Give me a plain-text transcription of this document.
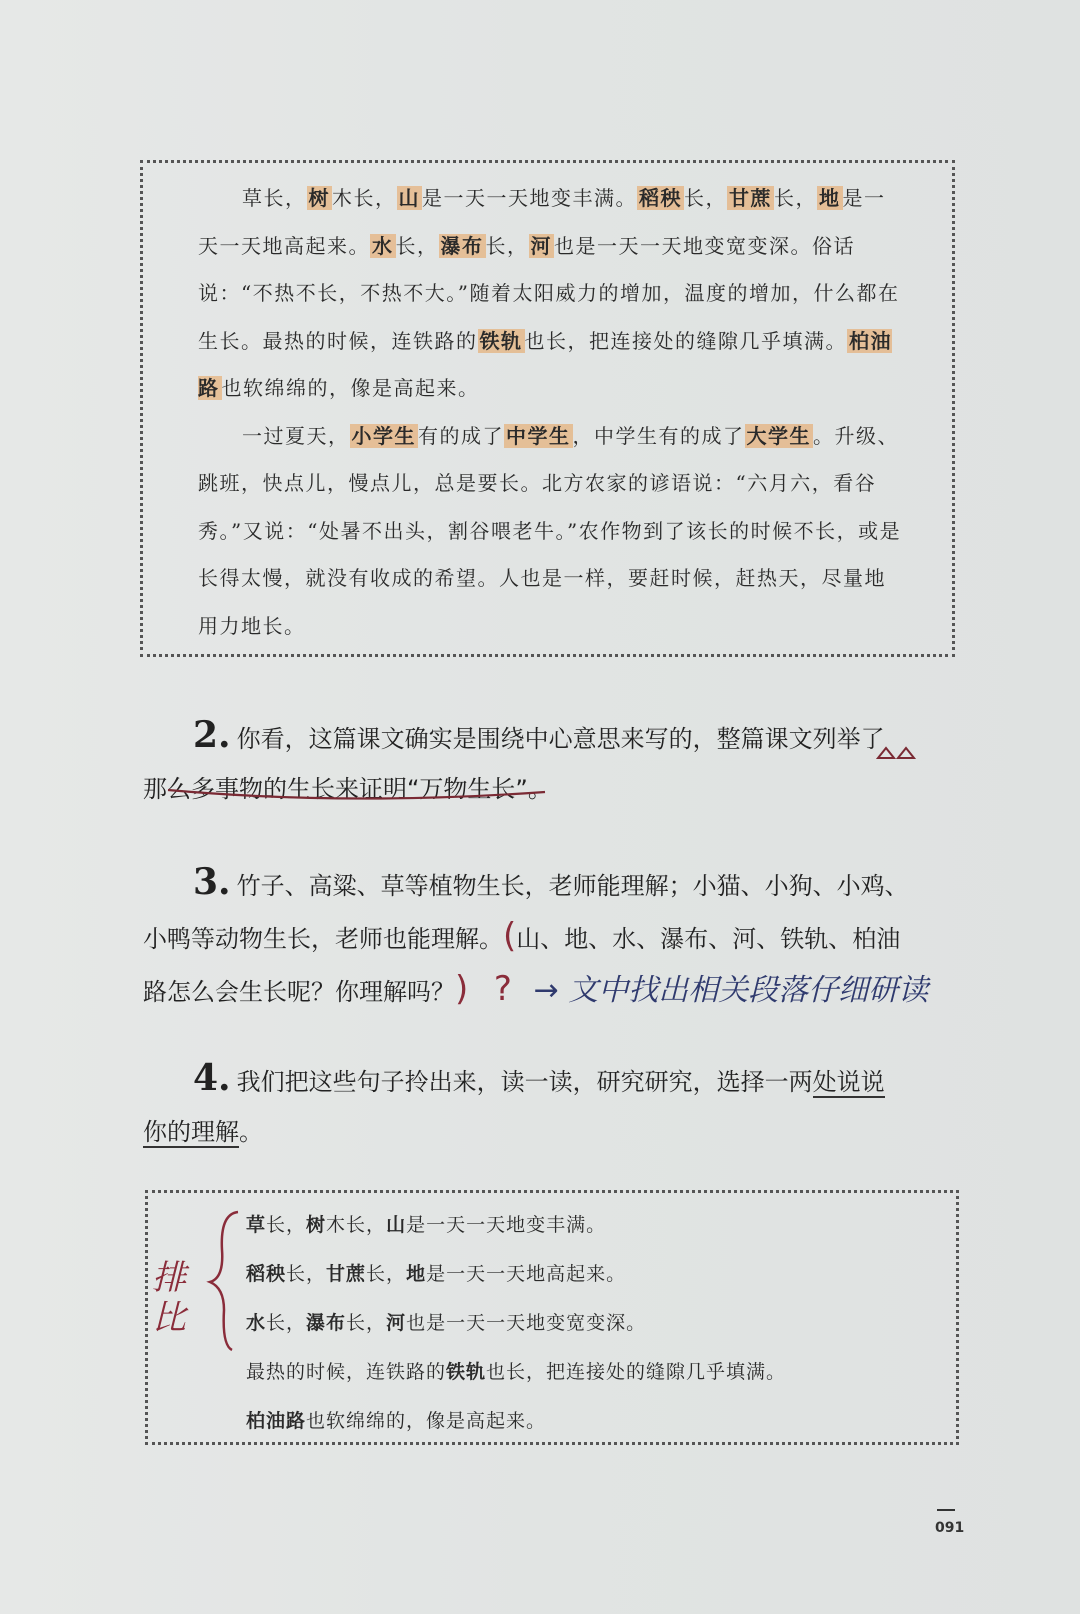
草长， 树 木长， 山 是一天一天地变丰满。 稻秧 长， 甘蔗 长， 地 是一天一天地高起来。 水 长， 瀑布 长， 河 也是一天一天地变宽变深。俗话说：“不热不长，不热不大。”随着太阳威力的增加，温度的增加，什么都在生长。最热的时候，连铁路的 铁轨 也长，把连接处的缝隙几乎填满。 柏油路 也软绵绵的，像是高起来。

一过夏天， 小学生 有的成了 中学生 ，中学生有的成了 大学生 。升级、跳班，快点儿，慢点儿，总是要长。北方农家的谚语说：“六月六，看谷秀。”又说：“处暑不出头，割谷喂老牛。”农作物到了该长的时候不长，或是长得太慢，就没有收成的希望。人也是一样，要赶时候，赶热天，尽量地用力地长。

2. 你看，这篇课文确实是围绕中心意思来写的，整篇课文列举了
那么多事物的生长来证明“万物生长”。
3. 竹子、高粱、草等植物生长，老师能理解；小猫、小狗、小鸡、
小鸭等动物生长，老师也能理解。(山、地、水、瀑布、河、铁轨、柏油
路怎么会生长呢？你理解吗？) ? → 文中找出相关段落仔细研读
4. 我们把这些句子拎出来，读一读，研究研究，选择一两处说说
你的理解。

草长，树木长，山是一天一天地变丰满。

稻秧长，甘蔗长，地是一天一天地高起来。

水长，瀑布长，河也是一天一天地变宽变深。

最热的时候，连铁路的铁轨也长，把连接处的缝隙几乎填满。

柏油路也软绵绵的，像是高起来。

排比
091
